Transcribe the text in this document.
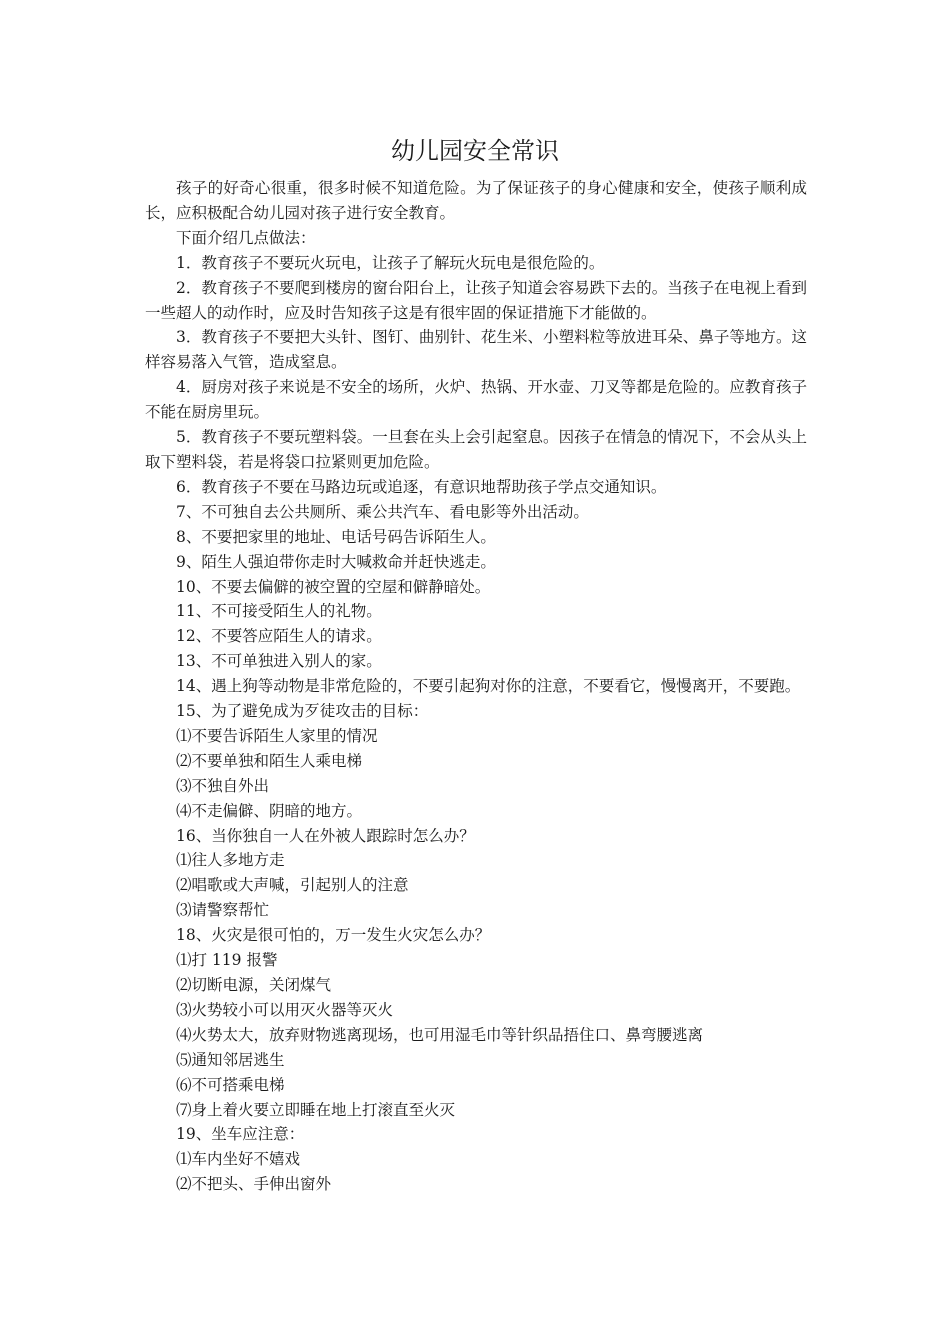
幼儿园安全常识

孩子的好奇心很重，很多时候不知道危险。为了保证孩子的身心健康和安全，使孩子顺利成长，应积极配合幼儿园对孩子进行安全教育。

下面介绍几点做法：

1．教育孩子不要玩火玩电，让孩子了解玩火玩电是很危险的。

2．教育孩子不要爬到楼房的窗台阳台上，让孩子知道会容易跌下去的。当孩子在电视上看到一些超人的动作时，应及时告知孩子这是有很牢固的保证措施下才能做的。

3．教育孩子不要把大头针、图钉、曲别针、花生米、小塑料粒等放进耳朵、鼻子等地方。这样容易落入气管，造成窒息。

4．厨房对孩子来说是不安全的场所，火炉、热锅、开水壶、刀叉等都是危险的。应教育孩子不能在厨房里玩。

5．教育孩子不要玩塑料袋。一旦套在头上会引起窒息。因孩子在情急的情况下，不会从头上取下塑料袋，若是将袋口拉紧则更加危险。

6．教育孩子不要在马路边玩或追逐，有意识地帮助孩子学点交通知识。

7、不可独自去公共厕所、乘公共汽车、看电影等外出活动。

8、不要把家里的地址、电话号码告诉陌生人。

9、陌生人强迫带你走时大喊救命并赶快逃走。

10、不要去偏僻的被空置的空屋和僻静暗处。

11、不可接受陌生人的礼物。

12、不要答应陌生人的请求。

13、不可单独进入别人的家。

14、遇上狗等动物是非常危险的，不要引起狗对你的注意，不要看它，慢慢离开，不要跑。

15、为了避免成为歹徒攻击的目标：

⑴不要告诉陌生人家里的情况

⑵不要单独和陌生人乘电梯

⑶不独自外出

⑷不走偏僻、阴暗的地方。

16、当你独自一人在外被人跟踪时怎么办？

⑴往人多地方走

⑵唱歌或大声喊，引起别人的注意

⑶请警察帮忙

18、火灾是很可怕的，万一发生火灾怎么办？

⑴打 119 报警

⑵切断电源，关闭煤气

⑶火势较小可以用灭火器等灭火

⑷火势太大，放弃财物逃离现场，也可用湿毛巾等针织品捂住口、鼻弯腰逃离

⑸通知邻居逃生

⑹不可搭乘电梯

⑺身上着火要立即睡在地上打滚直至火灭

19、坐车应注意：

⑴车内坐好不嬉戏

⑵不把头、手伸出窗外
